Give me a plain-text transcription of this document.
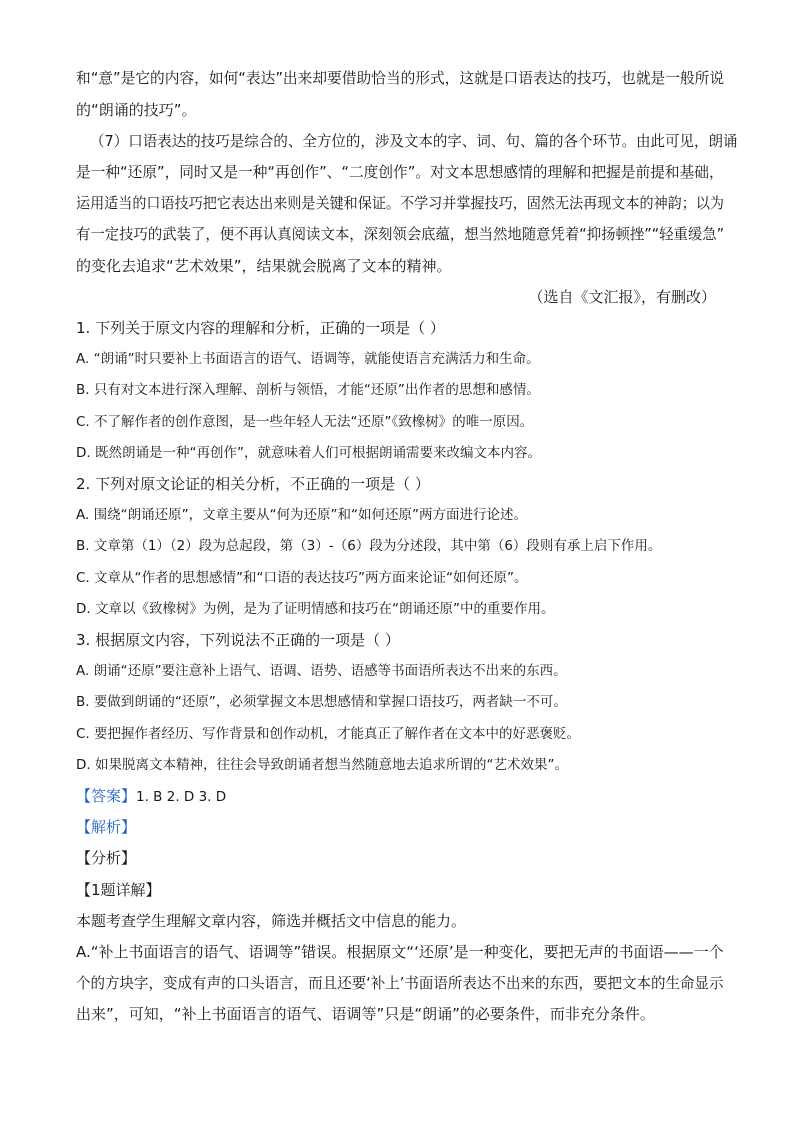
和“意”是它的内容，如何“表达”出来却要借助恰当的形式，这就是口语表达的技巧，也就是一般所说
的“朗诵的技巧”。
（7）口语表达的技巧是综合的、全方位的，涉及文本的字、词、句、篇的各个环节。由此可见，朗诵
是一种“还原”，同时又是一种“再创作”、“二度创作”。对文本思想感情的理解和把握是前提和基础，
运用适当的口语技巧把它表达出来则是关键和保证。不学习并掌握技巧，固然无法再现文本的神韵；以为
有一定技巧的武装了，便不再认真阅读文本，深刻领会底蕴，想当然地随意凭着“抑扬顿挫”“轻重缓急”
的变化去追求“艺术效果”，结果就会脱离了文本的精神。
（选自《文汇报》，有删改）
1. 下列关于原文内容的理解和分析，正确的一项是（ ）
A. “朗诵”时只要补上书面语言的语气、语调等，就能使语言充满活力和生命。
B. 只有对文本进行深入理解、剖析与领悟，才能“还原”出作者的思想和感情。
C. 不了解作者的创作意图，是一些年轻人无法“还原”《致橡树》的唯一原因。
D. 既然朗诵是一种“再创作”，就意味着人们可根据朗诵需要来改编文本内容。
2. 下列对原文论证的相关分析，不正确的一项是（ ）
A. 围绕“朗诵还原”，文章主要从“何为还原”和“如何还原”两方面进行论述。
B. 文章第（1）（2）段为总起段，第（3）-（6）段为分述段，其中第（6）段则有承上启下作用。
C. 文章从“作者的思想感情”和“口语的表达技巧”两方面来论证“如何还原”。
D. 文章以《致橡树》为例，是为了证明情感和技巧在“朗诵还原”中的重要作用。
3. 根据原文内容，下列说法不正确的一项是（ ）
A. 朗诵“还原”要注意补上语气、语调、语势、语感等书面语所表达不出来的东西。
B. 要做到朗诵的“还原”，必须掌握文本思想感情和掌握口语技巧，两者缺一不可。
C. 要把握作者经历、写作背景和创作动机，才能真正了解作者在文本中的好恶褒贬。
D. 如果脱离文本精神，往往会导致朗诵者想当然随意地去追求所谓的“艺术效果”。
【答案】1. B 2. D 3. D
【解析】
【分析】
【1题详解】
本题考查学生理解文章内容，筛选并概括文中信息的能力。
A.“补上书面语言的语气、语调等”错误。根据原文“‘还原’是一种变化，要把无声的书面语——一个
个的方块字，变成有声的口头语言，而且还要‘补上’书面语所表达不出来的东西，要把文本的生命显示
出来”，可知，“补上书面语言的语气、语调等”只是“朗诵”的必要条件，而非充分条件。
